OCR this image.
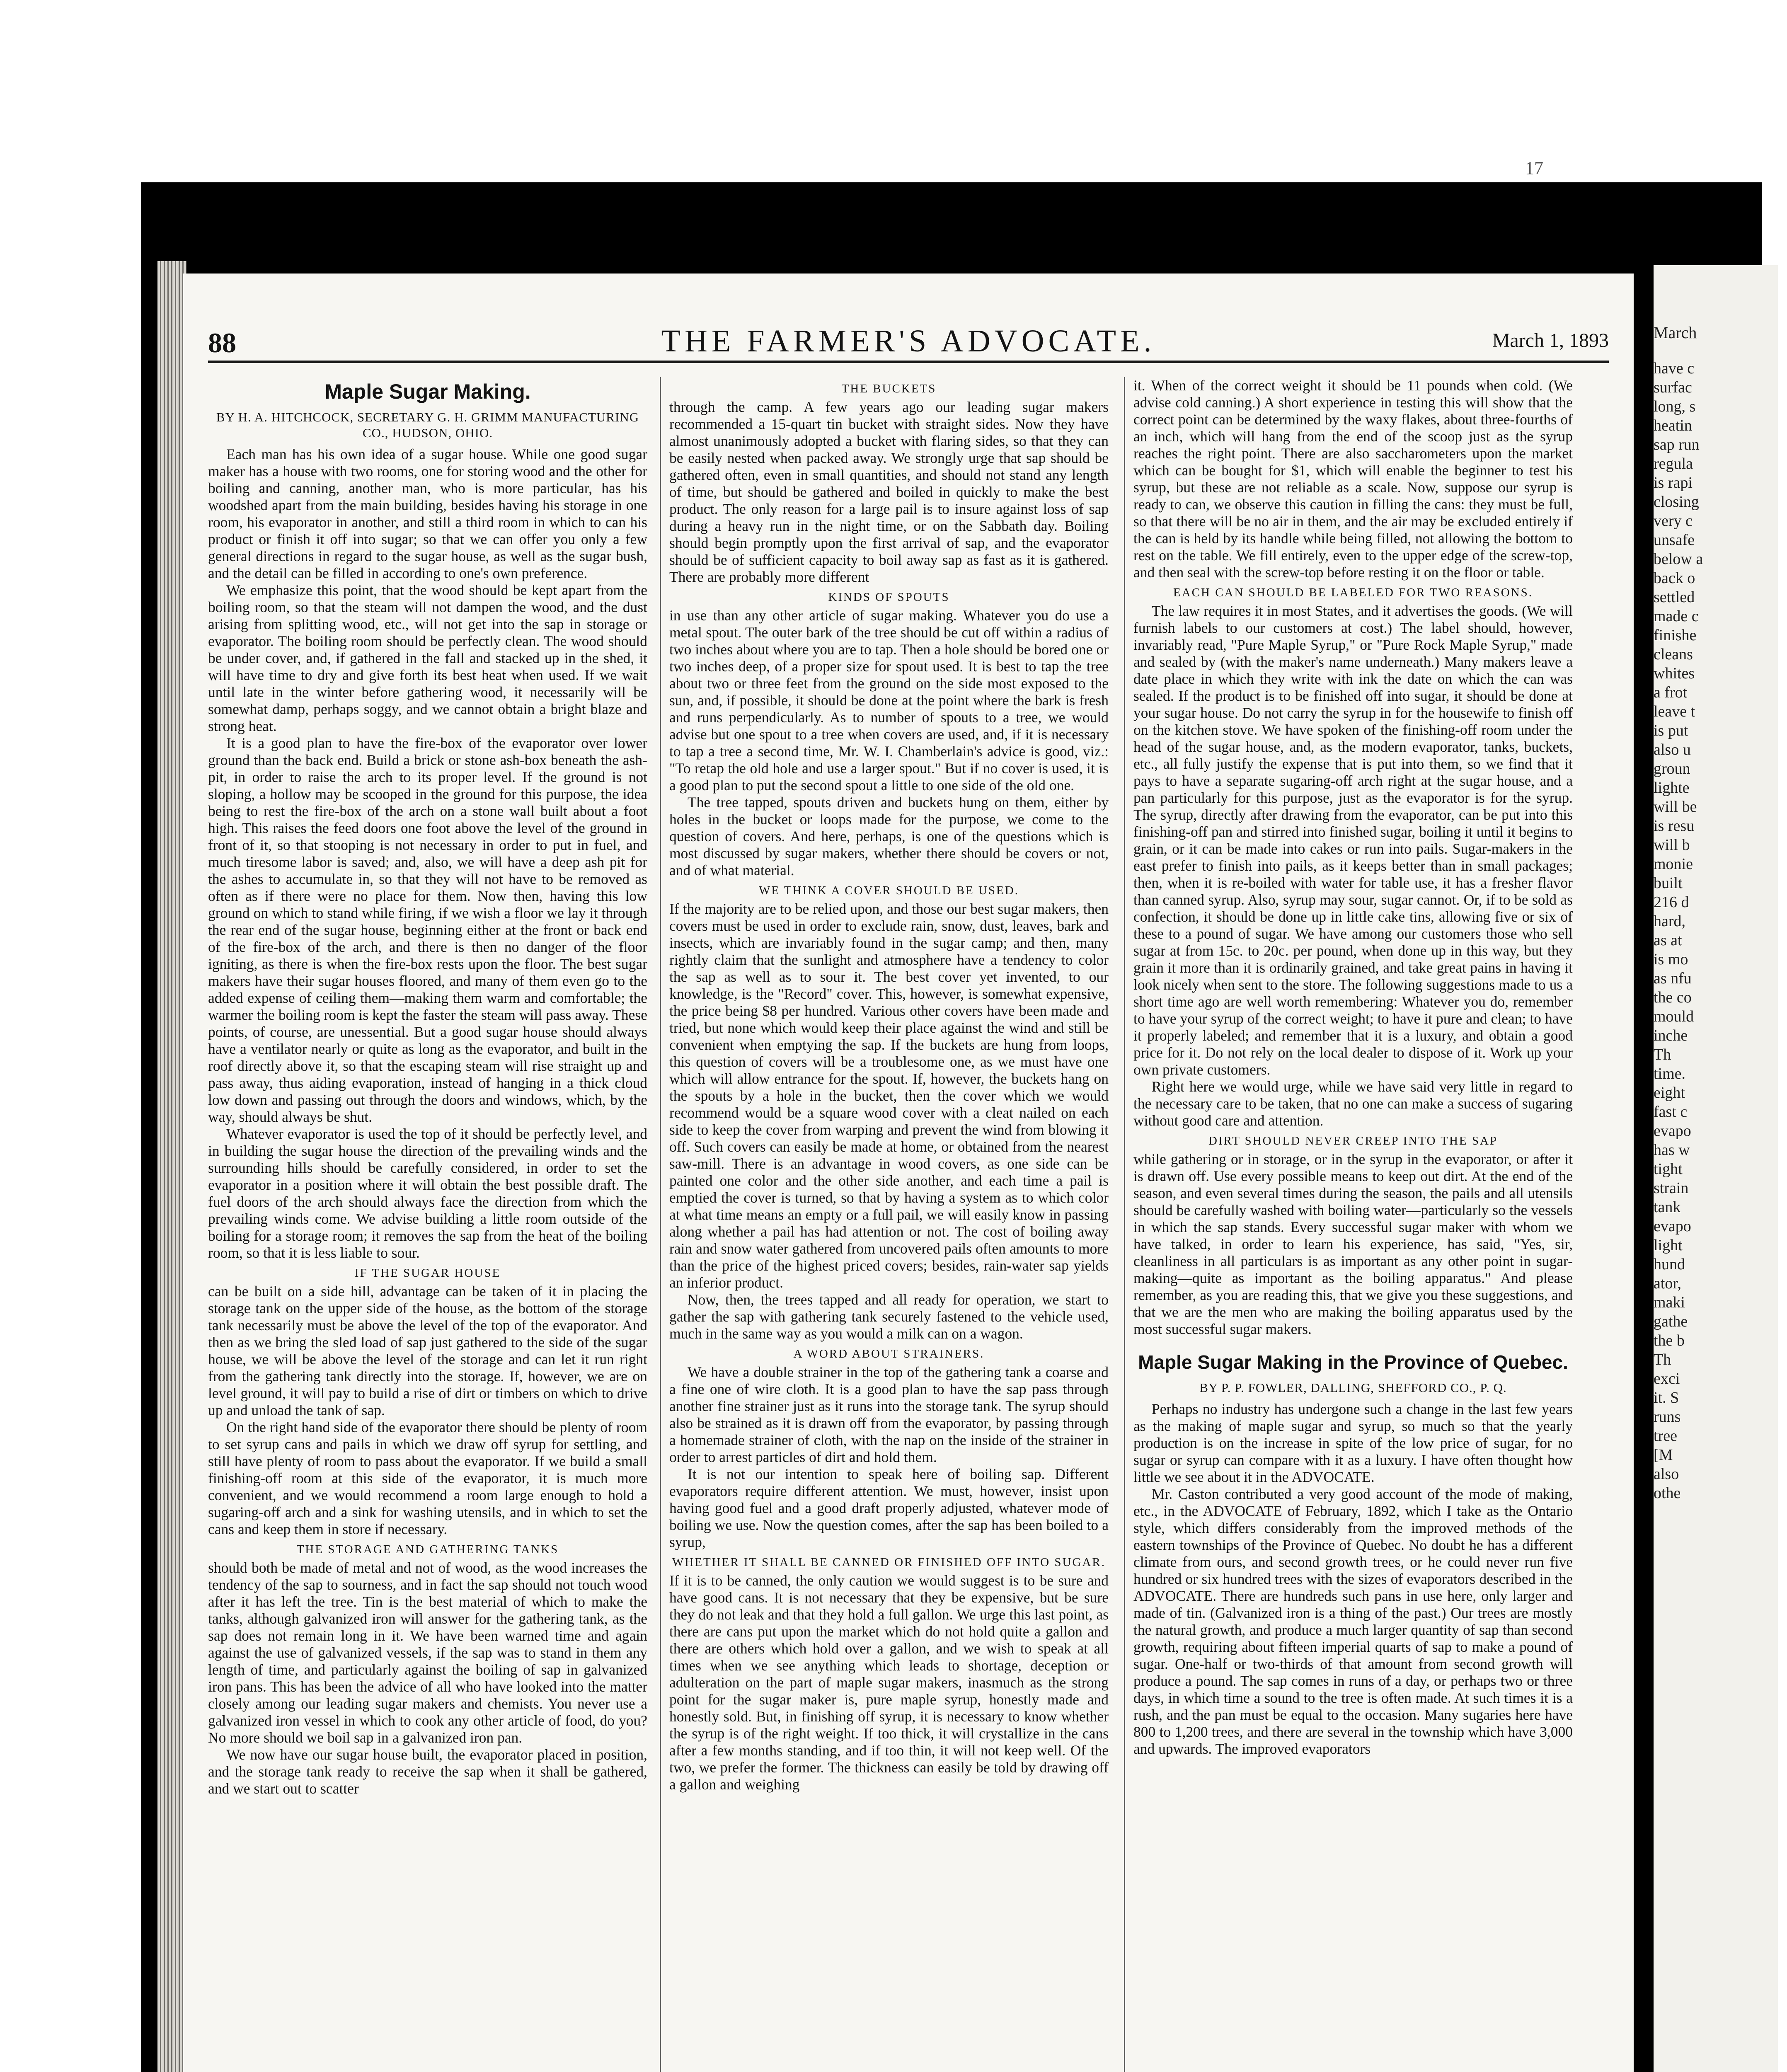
17
March
have c
surfac
long, s
heatin
sap run
regula
is rapi
closing
very c
unsafe
below a
back o
settled
made c
finishe
cleans
whites
a frot
leave t
is put
also u
groun
lighte
will be
is resu
will b
monie
built
216 d
hard,
as at
is mo
as nfu
the co
mould
inche
Th
time.
eight
fast c
evapo
has w
tight
strain
tank
evapo
light
hund
ator,
maki
gathe
the b
Th
exci
it. S
runs
tree
[M
also
othe
88	THE FARMER'S ADVOCATE.	March 1, 1893
Maple Sugar Making.
BY H. A. HITCHCOCK, SECRETARY G. H. GRIMM MANUFACTURING CO., HUDSON, OHIO.

Each man has his own idea of a sugar house. While one good sugar maker has a house with two rooms, one for storing wood and the other for boiling and canning, another man, who is more particular, has his woodshed apart from the main building, besides having his storage in one room, his evaporator in another, and still a third room in which to can his product or finish it off into sugar; so that we can offer you only a few general directions in regard to the sugar house, as well as the sugar bush, and the detail can be filled in according to one's own preference.

We emphasize this point, that the wood should be kept apart from the boiling room, so that the steam will not dampen the wood, and the dust arising from splitting wood, etc., will not get into the sap in storage or evaporator. The boiling room should be perfectly clean. The wood should be under cover, and, if gathered in the fall and stacked up in the shed, it will have time to dry and give forth its best heat when used. If we wait until late in the winter before gathering wood, it necessarily will be somewhat damp, perhaps soggy, and we cannot obtain a bright blaze and strong heat.

It is a good plan to have the fire-box of the evaporator over lower ground than the back end. Build a brick or stone ash-box beneath the ash-pit, in order to raise the arch to its proper level. If the ground is not sloping, a hollow may be scooped in the ground for this purpose, the idea being to rest the fire-box of the arch on a stone wall built about a foot high. This raises the feed doors one foot above the level of the ground in front of it, so that stooping is not necessary in order to put in fuel, and much tiresome labor is saved; and, also, we will have a deep ash pit for the ashes to accumulate in, so that they will not have to be removed as often as if there were no place for them. Now then, having this low ground on which to stand while firing, if we wish a floor we lay it through the rear end of the sugar house, beginning either at the front or back end of the fire-box of the arch, and there is then no danger of the floor igniting, as there is when the fire-box rests upon the floor. The best sugar makers have their sugar houses floored, and many of them even go to the added expense of ceiling them—making them warm and comfortable; the warmer the boiling room is kept the faster the steam will pass away. These points, of course, are unessential. But a good sugar house should always have a ventilator nearly or quite as long as the evaporator, and built in the roof directly above it, so that the escaping steam will rise straight up and pass away, thus aiding evaporation, instead of hanging in a thick cloud low down and passing out through the doors and windows, which, by the way, should always be shut.

Whatever evaporator is used the top of it should be perfectly level, and in building the sugar house the direction of the prevailing winds and the surrounding hills should be carefully considered, in order to set the evaporator in a position where it will obtain the best possible draft. The fuel doors of the arch should always face the direction from which the prevailing winds come. We advise building a little room outside of the boiling for a storage room; it removes the sap from the heat of the boiling room, so that it is less liable to sour.

IF THE SUGAR HOUSE

can be built on a side hill, advantage can be taken of it in placing the storage tank on the upper side of the house, as the bottom of the storage tank necessarily must be above the level of the top of the evaporator. And then as we bring the sled load of sap just gathered to the side of the sugar house, we will be above the level of the storage and can let it run right from the gathering tank directly into the storage. If, however, we are on level ground, it will pay to build a rise of dirt or timbers on which to drive up and unload the tank of sap.

On the right hand side of the evaporator there should be plenty of room to set syrup cans and pails in which we draw off syrup for settling, and still have plenty of room to pass about the evaporator. If we build a small finishing-off room at this side of the evaporator, it is much more convenient, and we would recommend a room large enough to hold a sugaring-off arch and a sink for washing utensils, and in which to set the cans and keep them in store if necessary.

THE STORAGE AND GATHERING TANKS

should both be made of metal and not of wood, as the wood increases the tendency of the sap to sourness, and in fact the sap should not touch wood after it has left the tree. Tin is the best material of which to make the tanks, although galvanized iron will answer for the gathering tank, as the sap does not remain long in it. We have been warned time and again against the use of galvanized vessels, if the sap was to stand in them any length of time, and particularly against the boiling of sap in galvanized iron pans. This has been the advice of all who have looked into the matter closely among our leading sugar makers and chemists. You never use a galvanized iron vessel in which to cook any other article of food, do you? No more should we boil sap in a galvanized iron pan.

We now have our sugar house built, the evaporator placed in position, and the storage tank ready to receive the sap when it shall be gathered, and we start out to scatter

THE BUCKETS

through the camp. A few years ago our leading sugar makers recommended a 15-quart tin bucket with straight sides. Now they have almost unanimously adopted a bucket with flaring sides, so that they can be easily nested when packed away. We strongly urge that sap should be gathered often, even in small quantities, and should not stand any length of time, but should be gathered and boiled in quickly to make the best product. The only reason for a large pail is to insure against loss of sap during a heavy run in the night time, or on the Sabbath day. Boiling should begin promptly upon the first arrival of sap, and the evaporator should be of sufficient capacity to boil away sap as fast as it is gathered. There are probably more different

KINDS OF SPOUTS

in use than any other article of sugar making. Whatever you do use a metal spout. The outer bark of the tree should be cut off within a radius of two inches about where you are to tap. Then a hole should be bored one or two inches deep, of a proper size for spout used. It is best to tap the tree about two or three feet from the ground on the side most exposed to the sun, and, if possible, it should be done at the point where the bark is fresh and runs perpendicularly. As to number of spouts to a tree, we would advise but one spout to a tree when covers are used, and, if it is necessary to tap a tree a second time, Mr. W. I. Chamberlain's advice is good, viz.: "To retap the old hole and use a larger spout." But if no cover is used, it is a good plan to put the second spout a little to one side of the old one.

The tree tapped, spouts driven and buckets hung on them, either by holes in the bucket or loops made for the purpose, we come to the question of covers. And here, perhaps, is one of the questions which is most discussed by sugar makers, whether there should be covers or not, and of what material.

WE THINK A COVER SHOULD BE USED.

If the majority are to be relied upon, and those our best sugar makers, then covers must be used in order to exclude rain, snow, dust, leaves, bark and insects, which are invariably found in the sugar camp; and then, many rightly claim that the sunlight and atmosphere have a tendency to color the sap as well as to sour it. The best cover yet invented, to our knowledge, is the "Record" cover. This, however, is somewhat expensive, the price being $8 per hundred. Various other covers have been made and tried, but none which would keep their place against the wind and still be convenient when emptying the sap. If the buckets are hung from loops, this question of covers will be a troublesome one, as we must have one which will allow entrance for the spout. If, however, the buckets hang on the spouts by a hole in the bucket, then the cover which we would recommend would be a square wood cover with a cleat nailed on each side to keep the cover from warping and prevent the wind from blowing it off. Such covers can easily be made at home, or obtained from the nearest saw-mill. There is an advantage in wood covers, as one side can be painted one color and the other side another, and each time a pail is emptied the cover is turned, so that by having a system as to which color at what time means an empty or a full pail, we will easily know in passing along whether a pail has had attention or not. The cost of boiling away rain and snow water gathered from uncovered pails often amounts to more than the price of the highest priced covers; besides, rain-water sap yields an inferior product.

Now, then, the trees tapped and all ready for operation, we start to gather the sap with gathering tank securely fastened to the vehicle used, much in the same way as you would a milk can on a wagon.

A WORD ABOUT STRAINERS.

We have a double strainer in the top of the gathering tank a coarse and a fine one of wire cloth. It is a good plan to have the sap pass through another fine strainer just as it runs into the storage tank. The syrup should also be strained as it is drawn off from the evaporator, by passing through a homemade strainer of cloth, with the nap on the inside of the strainer in order to arrest particles of dirt and hold them.

It is not our intention to speak here of boiling sap. Different evaporators require different attention. We must, however, insist upon having good fuel and a good draft properly adjusted, whatever mode of boiling we use. Now the question comes, after the sap has been boiled to a syrup,

WHETHER IT SHALL BE CANNED OR FINISHED OFF INTO SUGAR.

If it is to be canned, the only caution we would suggest is to be sure and have good cans. It is not necessary that they be expensive, but be sure they do not leak and that they hold a full gallon. We urge this last point, as there are cans put upon the market which do not hold quite a gallon and there are others which hold over a gallon, and we wish to speak at all times when we see anything which leads to shortage, deception or adulteration on the part of maple sugar makers, inasmuch as the strong point for the sugar maker is, pure maple syrup, honestly made and honestly sold. But, in finishing off syrup, it is necessary to know whether the syrup is of the right weight. If too thick, it will crystallize in the cans after a few months standing, and if too thin, it will not keep well. Of the two, we prefer the former. The thickness can easily be told by drawing off a gallon and weighing

it. When of the correct weight it should be 11 pounds when cold. (We advise cold canning.) A short experience in testing this will show that the correct point can be determined by the waxy flakes, about three-fourths of an inch, which will hang from the end of the scoop just as the syrup reaches the right point. There are also saccharometers upon the market which can be bought for $1, which will enable the beginner to test his syrup, but these are not reliable as a scale. Now, suppose our syrup is ready to can, we observe this caution in filling the cans: they must be full, so that there will be no air in them, and the air may be excluded entirely if the can is held by its handle while being filled, not allowing the bottom to rest on the table. We fill entirely, even to the upper edge of the screw-top, and then seal with the screw-top before resting it on the floor or table.

EACH CAN SHOULD BE LABELED FOR TWO REASONS.

The law requires it in most States, and it advertises the goods. (We will furnish labels to our customers at cost.) The label should, however, invariably read, "Pure Maple Syrup," or "Pure Rock Maple Syrup," made and sealed by (with the maker's name underneath.) Many makers leave a date place in which they write with ink the date on which the can was sealed. If the product is to be finished off into sugar, it should be done at your sugar house. Do not carry the syrup in for the housewife to finish off on the kitchen stove. We have spoken of the finishing-off room under the head of the sugar house, and, as the modern evaporator, tanks, buckets, etc., all fully justify the expense that is put into them, so we find that it pays to have a separate sugaring-off arch right at the sugar house, and a pan particularly for this purpose, just as the evaporator is for the syrup. The syrup, directly after drawing from the evaporator, can be put into this finishing-off pan and stirred into finished sugar, boiling it until it begins to grain, or it can be made into cakes or run into pails. Sugar-makers in the east prefer to finish into pails, as it keeps better than in small packages; then, when it is re-boiled with water for table use, it has a fresher flavor than canned syrup. Also, syrup may sour, sugar cannot. Or, if to be sold as confection, it should be done up in little cake tins, allowing five or six of these to a pound of sugar. We have among our customers those who sell sugar at from 15c. to 20c. per pound, when done up in this way, but they grain it more than it is ordinarily grained, and take great pains in having it look nicely when sent to the store. The following suggestions made to us a short time ago are well worth remembering: Whatever you do, remember to have your syrup of the correct weight; to have it pure and clean; to have it properly labeled; and remember that it is a luxury, and obtain a good price for it. Do not rely on the local dealer to dispose of it. Work up your own private customers.

Right here we would urge, while we have said very little in regard to the necessary care to be taken, that no one can make a success of sugaring without good care and attention.

DIRT SHOULD NEVER CREEP INTO THE SAP

while gathering or in storage, or in the syrup in the evaporator, or after it is drawn off. Use every possible means to keep out dirt. At the end of the season, and even several times during the season, the pails and all utensils should be carefully washed with boiling water—particularly so the vessels in which the sap stands. Every successful sugar maker with whom we have talked, in order to learn his experience, has said, "Yes, sir, cleanliness in all particulars is as important as any other point in sugar-making—quite as important as the boiling apparatus." And please remember, as you are reading this, that we give you these suggestions, and that we are the men who are making the boiling apparatus used by the most successful sugar makers.

Maple Sugar Making in the Province of Quebec.
BY P. P. FOWLER, DALLING, SHEFFORD CO., P. Q.

Perhaps no industry has undergone such a change in the last few years as the making of maple sugar and syrup, so much so that the yearly production is on the increase in spite of the low price of sugar, for no sugar or syrup can compare with it as a luxury. I have often thought how little we see about it in the ADVOCATE.

Mr. Caston contributed a very good account of the mode of making, etc., in the ADVOCATE of February, 1892, which I take as the Ontario style, which differs considerably from the improved methods of the eastern townships of the Province of Quebec. No doubt he has a different climate from ours, and second growth trees, or he could never run five hundred or six hundred trees with the sizes of evaporators described in the ADVOCATE. There are hundreds such pans in use here, only larger and made of tin. (Galvanized iron is a thing of the past.) Our trees are mostly the natural growth, and produce a much larger quantity of sap than second growth, requiring about fifteen imperial quarts of sap to make a pound of sugar. One-half or two-thirds of that amount from second growth will produce a pound. The sap comes in runs of a day, or perhaps two or three days, in which time a sound to the tree is often made. At such times it is a rush, and the pan must be equal to the occasion. Many sugaries here have 800 to 1,200 trees, and there are several in the township which have 3,000 and upwards. The improved evaporators
